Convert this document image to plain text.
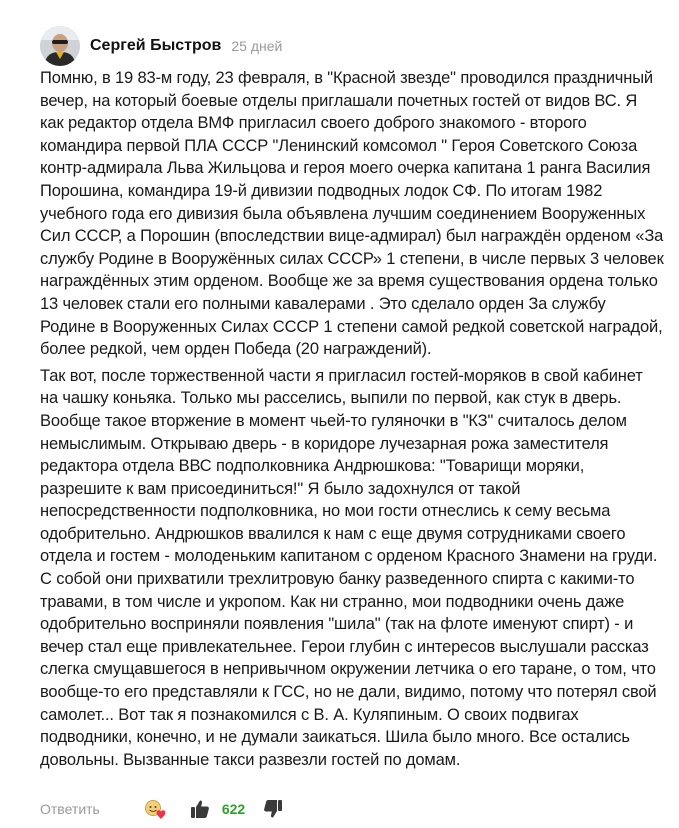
Сергей Быстров 25 дней

Помню, в 19 83-м году, 23 февраля, в "Красной звезде" проводился праздничный вечер, на который боевые отделы приглашали почетных гостей от видов ВС. Я как редактор отдела ВМФ пригласил своего доброго знакомого - второго командира первой ПЛА СССР "Ленинский комсомол " Героя Советского Союза контр-адмирала Льва Жильцова и героя моего очерка капитана 1 ранга Василия Порошина, командира 19-й дивизии подводных лодок СФ. По итогам 1982 учебного года его дивизия была объявлена лучшим соединением Вооруженных Сил СССР, а Порошин (впоследствии вице-адмирал) был награждён орденом «За службу Родине в Вооружённых силах СССР» 1 степени, в числе первых 3 человек награждённых этим орденом. Вообще же за время существования ордена только 13 человек стали его полными кавалерами . Это сделало орден За службу Родине в Вооруженных Силах СССР 1 степени самой редкой советской наградой, более редкой, чем орден Победа (20 награждений).

Так вот, после торжественной части я пригласил гостей-моряков в свой кабинет на чашку коньяка. Только мы расселись, выпили по первой, как стук в дверь. Вообще такое вторжение в момент чьей-то гуляночки в "КЗ" считалось делом немыслимым. Открываю дверь - в коридоре лучезарная рожа заместителя редактора отдела ВВС подполковника Андрюшкова: "Товарищи моряки, разрешите к вам присоединиться!" Я было задохнулся от такой непосредственности подполковника, но мои гости отнеслись к сему весьма одобрительно. Андрюшков ввалился к нам с еще двумя сотрудниками своего отдела и гостем - молоденьким капитаном с орденом Красного Знамени на груди. С собой они прихватили трехлитровую банку разведенного спирта с какими-то травами, в том числе и укропом. Как ни странно, мои подводники очень даже одобрительно восприняли появления "шила" (так на флоте именуют спирт) - и вечер стал еще привлекательнее. Герои глубин с интересов выслушали рассказ слегка смущавшегося в непривычном окружении летчика о его таране, о том, что вообще-то его представляли к ГСС, но не дали, видимо, потому что потерял свой самолет... Вот так я познакомился с В. А. Куляпиным. О своих подвигах подводники, конечно, и не думали заикаться. Шила было много. Все остались довольны. Вызванные такси развезли гостей по домам.

Ответить	622
